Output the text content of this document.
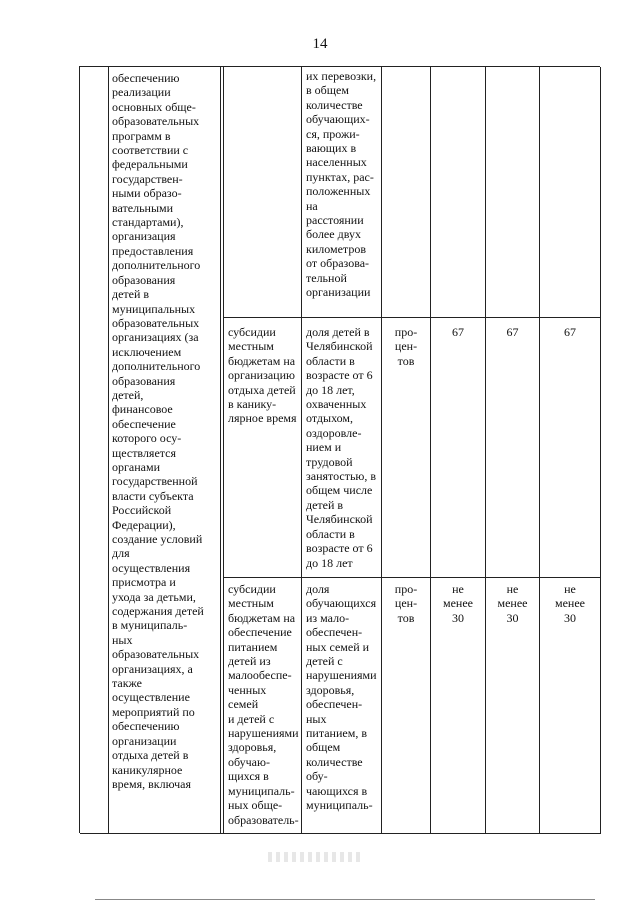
14
обеспечению
реализации
основных обще-
образовательных
программ в
соответствии с
федеральными
государствен-
ными образо-
вательными
стандартами),
организация
предоставления
дополнительного
образования
детей в
муниципальных
образовательных
организациях (за
исключением
дополнительного
образования
детей,
финансовое
обеспечение
которого осу-
ществляется
органами
государственной
власти субъекта
Российской
Федерации),
создание условий
для
осуществления
присмотра и
ухода за детьми,
содержания детей
в муниципаль-
ных
образовательных
организациях, а
также
осуществление
мероприятий по
обеспечению
организации
отдыха детей в
каникулярное
время, включая
их перевозки,
в общем
количестве
обучающих-
ся, прожи-
вающих в
населенных
пунктах, рас-
положенных
на
расстоянии
более двух
километров
от образова-
тельной
организации
субсидии
местным
бюджетам на
организацию
отдыха детей
в канику-
лярное время
доля детей в
Челябинской
области в
возрасте от 6
до 18 лет,
охваченных
отдыхом,
оздоровле-
нием и
трудовой
занятостью, в
общем числе
детей в
Челябинской
области в
возрасте от 6
до 18 лет
про-
цен-
тов
67	67	67
субсидии
местным
бюджетам на
обеспечение
питанием
детей из
малообеспе-
ченных семей
и детей с
нарушениями
здоровья,
обучаю-
щихся в
муниципаль-
ных обще-
образователь-
доля
обучающихся
из мало-
обеспечен-
ных семей и
детей с
нарушениями
здоровья,
обеспечен-
ных
питанием, в
общем
количестве
обу-
чающихся в
муниципаль-
про-
цен-
тов
не
менее
30
не
менее
30
не
менее
30
